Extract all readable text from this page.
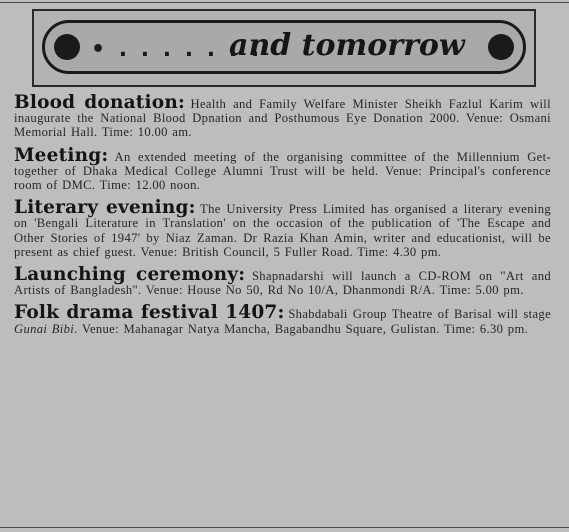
• . . . . . . .
and tomorrow

Blood donation: Health and Family Welfare Minister Sheikh Fazlul Karim will inaugurate the National Blood Dpnation and Posthumous Eye Donation 2000. Venue: Osmani Memorial Hall. Time: 10.00 am.

Meeting: An extended meeting of the organising committee of the Millennium Get-together of Dhaka Medical College Alumni Trust will be held. Venue: Principal's conference room of DMC. Time: 12.00 noon.

Literary evening: The University Press Limited has organised a literary evening on 'Bengali Literature in Translation' on the occasion of the publication of 'The Escape and Other Stories of 1947' by Niaz Zaman. Dr Razia Khan Amin, writer and educationist, will be present as chief guest. Venue: British Council, 5 Fuller Road. Time: 4.30 pm.

Launching ceremony: Shapnadarshi will launch a CD-ROM on "Art and Artists of Bangladesh". Venue: House No 50, Rd No 10/A, Dhanmondi R/A. Time: 5.00 pm.

Folk drama festival 1407: Shabdabali Group Theatre of Barisal will stage Gunai Bibi. Venue: Mahanagar Natya Mancha, Bagabandhu Square, Gulistan. Time: 6.30 pm.
